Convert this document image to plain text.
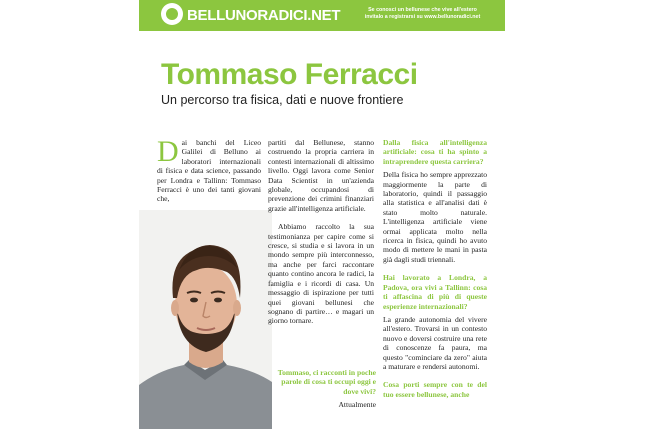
BELLUNORADICI.NET	Se conosci un bellunese che vive all'estero
invitalo a registrarsi su www.bellunoradici.net
Tommaso Ferracci
Un percorso tra fisica, dati e nuove frontiere
D ai banchi del Liceo Galilei di Belluno ai laboratori internazionali di fisica e data science, passando per Londra e Tallinn: Tommaso Ferracci è uno dei tanti giovani che,

partiti dal Bellunese, stanno costruendo la propria carriera in contesti internazionali di altissimo livello. Oggi lavora come Senior Data Scientist in un'azienda globale, occupandosi di prevenzione dei crimini finanziari grazie all'intelligenza artificiale.

Abbiamo raccolto la sua testimonianza per capire come si cresce, si studia e si lavora in un mondo sempre più interconnesso, ma anche per farci raccontare quanto contino ancora le radici, la famiglia e i ricordi di casa. Un messaggio di ispirazione per tutti quei giovani bellunesi che sognano di partire… e magari un giorno tornare.

Tommaso, ci racconti in poche parole di cosa ti occupi oggi e dove vivi?
Attualmente
Dalla fisica all'intelligenza artificiale: cosa ti ha spinto a intraprendere questa carriera?

Della fisica ho sempre apprezzato maggiormente la parte di laboratorio, quindi il passaggio alla statistica e all'analisi dati è stato molto naturale. L'intelligenza artificiale viene ormai applicata molto nella ricerca in fisica, quindi ho avuto modo di mettere le mani in pasta già dagli studi triennali.

Hai lavorato a Londra, a Padova, ora vivi a Tallinn: cosa ti affascina di più di queste esperienze internazionali?

La grande autonomia del vivere all'estero. Trovarsi in un contesto nuovo e doversi costruire una rete di conoscenze fa paura, ma questo "cominciare da zero" aiuta a maturare e rendersi autonomi.

Cosa porti sempre con te del tuo essere bellunese, anche
